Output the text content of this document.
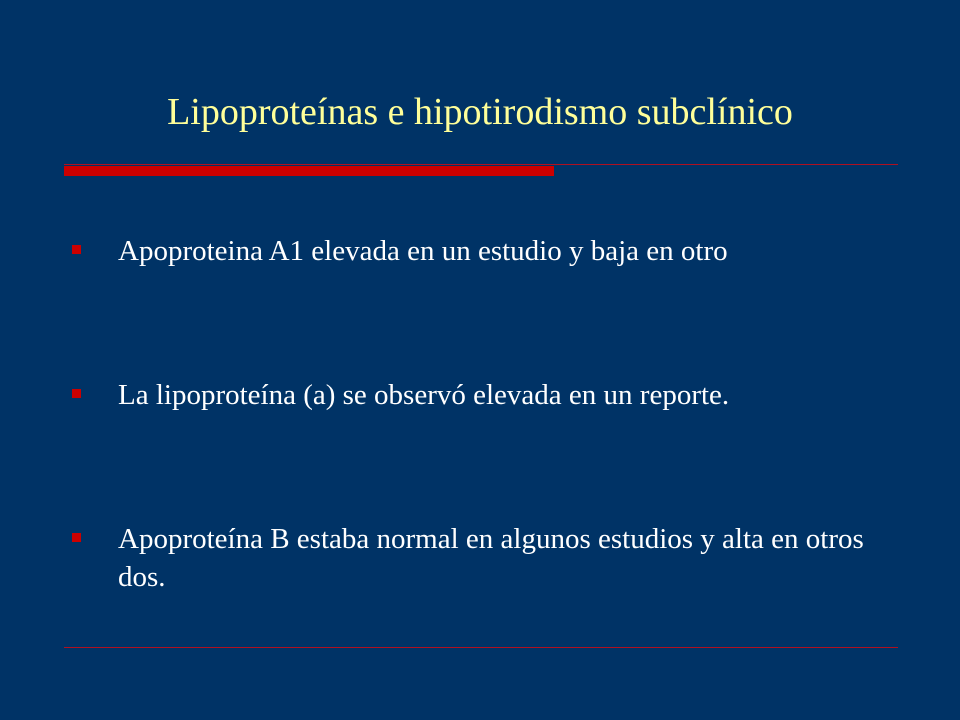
Lipoproteínas e hipotirodismo subclínico
Apoproteina A1 elevada en un estudio y baja en otro
La lipoproteína (a) se observó elevada en un reporte.
Apoproteína B estaba normal en algunos estudios y alta en otros dos.
